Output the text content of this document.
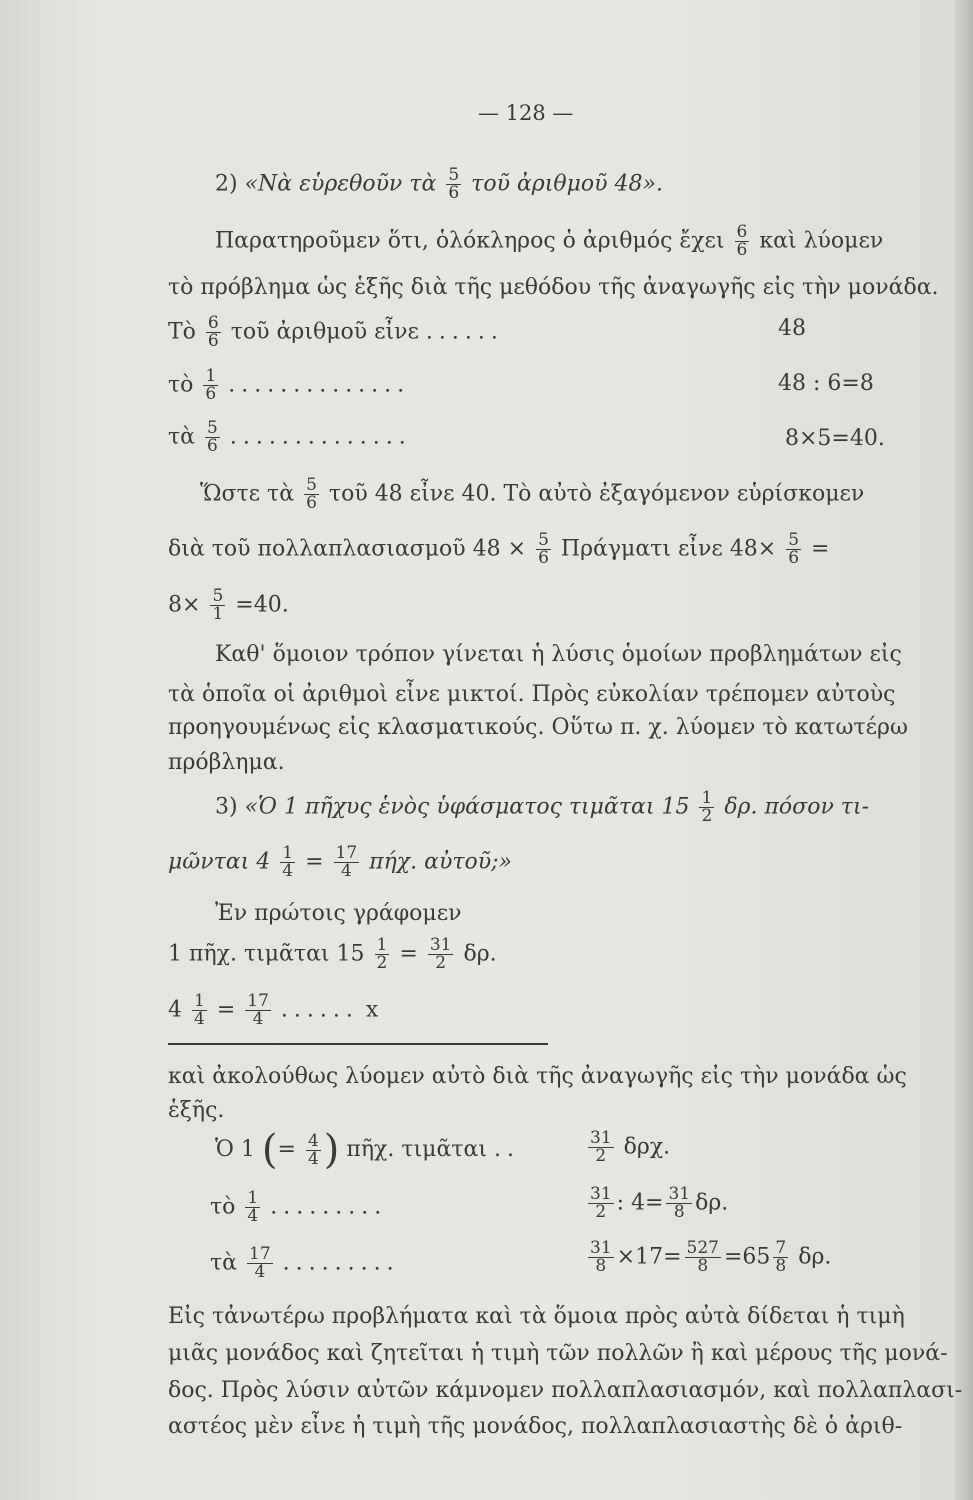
— 128 —
2) «Νὰ εὑρεθοῦν τὰ $\frac{5}{6}$ τοῦ ἀριθμοῦ 48».
Παρατηροῦμεν ὅτι, ὁλόκληρος ὁ ἀριθμός ἔχει $\frac{6}{6}$ καὶ λύομεν
τὸ πρόβλημα ὡς ἑξῆς διὰ τῆς μεθόδου τῆς ἀναγωγῆς εἰς τὴν μονάδα.
Τὸ $\frac{6}{6}$ τοῦ ἀριθμοῦ εἶνε ......	48
τὸ $\frac{1}{6}$ ..............	48 : 6=8
τὰ $\frac{5}{6}$ ..............	8×5=40.
Ὥστε τὰ $\frac{5}{6}$ τοῦ 48 εἶνε 40. Τὸ αὐτὸ ἐξαγόμενον εὑρίσκομεν
διὰ τοῦ πολλαπλασιασμοῦ $48 \times \frac{5}{6}$ Πράγματι εἶνε $48\times \frac{5}{6}$ =
$8\times \frac{5}{1} =40$.
Καθ' ὅμοιον τρόπον γίνεται ἡ λύσις ὁμοίων προβλημάτων εἰς
τὰ ὁποῖα οἱ ἀριθμοὶ εἶνε μικτοί. Πρὸς εὐκολίαν τρέπομεν αὐτοὺς
προηγουμένως εἰς κλασματικούς. Οὕτω π. χ. λύομεν τὸ κατωτέρω
πρόβλημα.
3) «Ὁ 1 πῆχυς ἑνὸς ὑφάσματος τιμᾶται $15 \frac{1}{2} \delta\rho$. πόσον τι-
μῶνται $4 \frac{1}{4} = \frac{17}{4} \pi ή\chi$. αὐτοῦ;»
Ἐν πρώτοις γράφομεν
1 πῆχ. τιμᾶται $15 \frac{1}{2} = \frac{31}{2} \delta\rho$.
$4 \frac{1}{4} = \frac{17}{4}$ ...... x
καὶ ἀκολούθως λύομεν αὐτὸ διὰ τῆς ἀναγωγῆς εἰς τὴν μονάδα ὡς
ἑξῆς.
Ὁ 1 (= $\frac{4}{4}$ ) πῆχ. τιμᾶται ..	$\frac{31}{2} \delta\rho\chi$.
τὸ $\frac{1}{4}$ .........	$\frac{31}{2}$ : $4= \frac{31}{8} \delta\rho$.
τὰ $\frac{17}{4}$ .........	$\frac{31}{8} \times 17= \frac{527}{8} =65 \frac{7}{8} \delta\rho$.
Εἰς τἀνωτέρω προβλήματα καὶ τὰ ὅμοια πρὸς αὐτὰ δίδεται ἡ τιμὴ
μιᾶς μονάδος καὶ ζητεῖται ἡ τιμὴ τῶν πολλῶν ἢ καὶ μέρους τῆς μονά-
δος. Πρὸς λύσιν αὐτῶν κάμνομεν πολλαπλασιασμόν, καὶ πολλαπλασι-
αστέος μὲν εἶνε ἡ τιμὴ τῆς μονάδος, πολλαπλασιαστὴς δὲ ὁ ἀριθ-
